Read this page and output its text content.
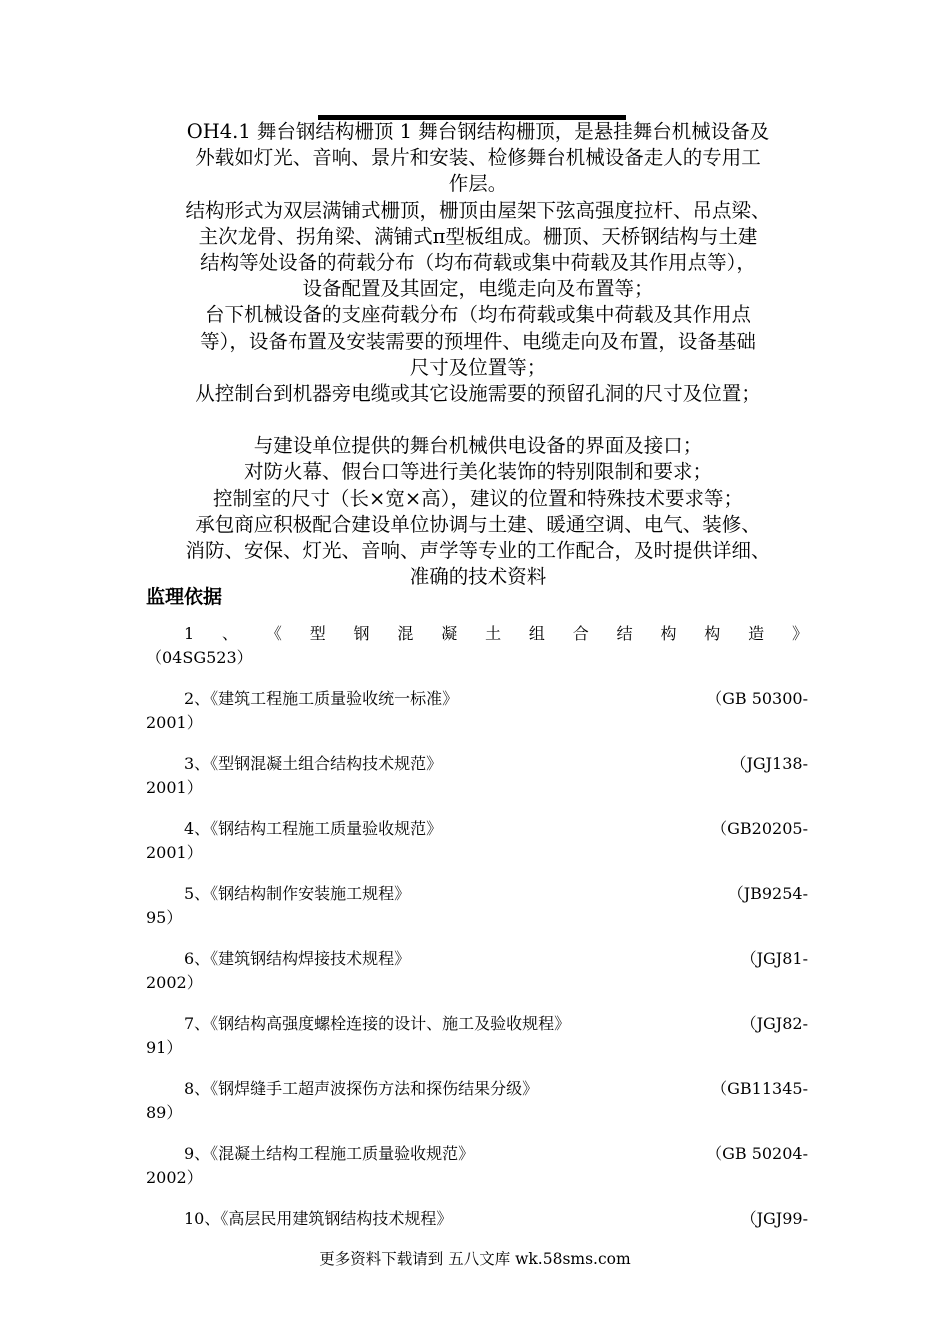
OH4.1 舞台钢结构栅顶 1 舞台钢结构栅顶，是悬挂舞台机械设备及

外载如灯光、音响、景片和安装、检修舞台机械设备走人的专用工

作层。

结构形式为双层满铺式栅顶，栅顶由屋架下弦高强度拉杆、吊点梁、

主次龙骨、拐角梁、满铺式π型板组成。栅顶、天桥钢结构与土建

结构等处设备的荷载分布（均布荷载或集中荷载及其作用点等），

设备配置及其固定，电缆走向及布置等；

台下机械设备的支座荷载分布（均布荷载或集中荷载及其作用点

等），设备布置及安装需要的预埋件、电缆走向及布置，设备基础

尺寸及位置等；

从控制台到机器旁电缆或其它设施需要的预留孔洞的尺寸及位置；

与建设单位提供的舞台机械供电设备的界面及接口；

对防火幕、假台口等进行美化装饰的特别限制和要求；

控制室的尺寸（长×宽×高），建议的位置和特殊技术要求等；

承包商应积极配合建设单位协调与土建、暖通空调、电气、装修、

消防、安保、灯光、音响、声学等专业的工作配合，及时提供详细、

准确的技术资料

监理依据
1 、 《 型 钢 混 凝 土 组 合 结 构 构 造 》
（04SG523）
2、《建筑工程施工质量验收统一标准》	（GB 50300-
2001）
3、《型钢混凝土组合结构技术规范》	（JGJ138-
2001）
4、《钢结构工程施工质量验收规范》	（GB20205-
2001）
5、《钢结构制作安装施工规程》	（JB9254-
95）
6、《建筑钢结构焊接技术规程》	（JGJ81-
2002）
7、《钢结构高强度螺栓连接的设计、施工及验收规程》	（JGJ82-
91）
8、《钢焊缝手工超声波探伤方法和探伤结果分级》	（GB11345-
89）
9、《混凝土结构工程施工质量验收规范》	（GB 50204-
2002）
10、《高层民用建筑钢结构技术规程》	（JGJ99-
更多资料下载请到 五八文库 wk.58sms.com
